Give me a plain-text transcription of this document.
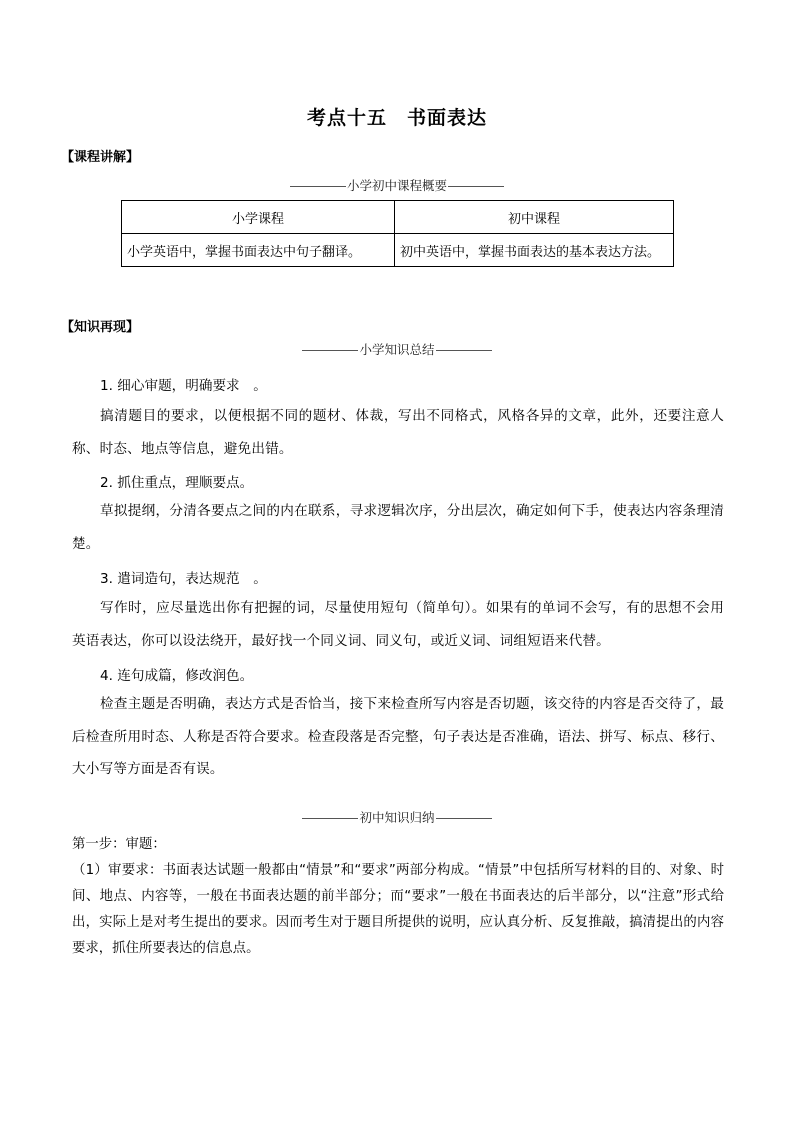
考点十五　书面表达
【课程讲解】
小学初中课程概要
小学课程	初中课程
小学英语中，掌握书面表达中句子翻译。	初中英语中，掌握书面表达的基本表达方法。
【知识再现】
小学知识总结
1. 细心审题，明确要求　。
搞清题目的要求，以便根据不同的题材、体裁，写出不同格式，风格各异的文章，此外，还要注意人称、时态、地点等信息，避免出错。
2. 抓住重点，理顺要点。
草拟提纲，分清各要点之间的内在联系，寻求逻辑次序，分出层次，确定如何下手，使表达内容条理清楚。
3. 遣词造句，表达规范　。
写作时，应尽量选出你有把握的词，尽量使用短句（简单句）。如果有的单词不会写，有的思想不会用英语表达，你可以设法绕开，最好找一个同义词、同义句，或近义词、词组短语来代替。
4. 连句成篇，修改润色。
检查主题是否明确，表达方式是否恰当，接下来检查所写内容是否切题，该交待的内容是否交待了，最后检查所用时态、人称是否符合要求。检查段落是否完整，句子表达是否准确，语法、拼写、标点、移行、大小写等方面是否有误。
初中知识归纳
第一步：审题：
（1）审要求：书面表达试题一般都由“情景”和“要求”两部分构成。“情景”中包括所写材料的目的、对象、时间、地点、内容等，一般在书面表达题的前半部分；而“要求”一般在书面表达的后半部分，以“注意”形式给出，实际上是对考生提出的要求。因而考生对于题目所提供的说明，应认真分析、反复推敲，搞清提出的内容要求，抓住所要表达的信息点。
